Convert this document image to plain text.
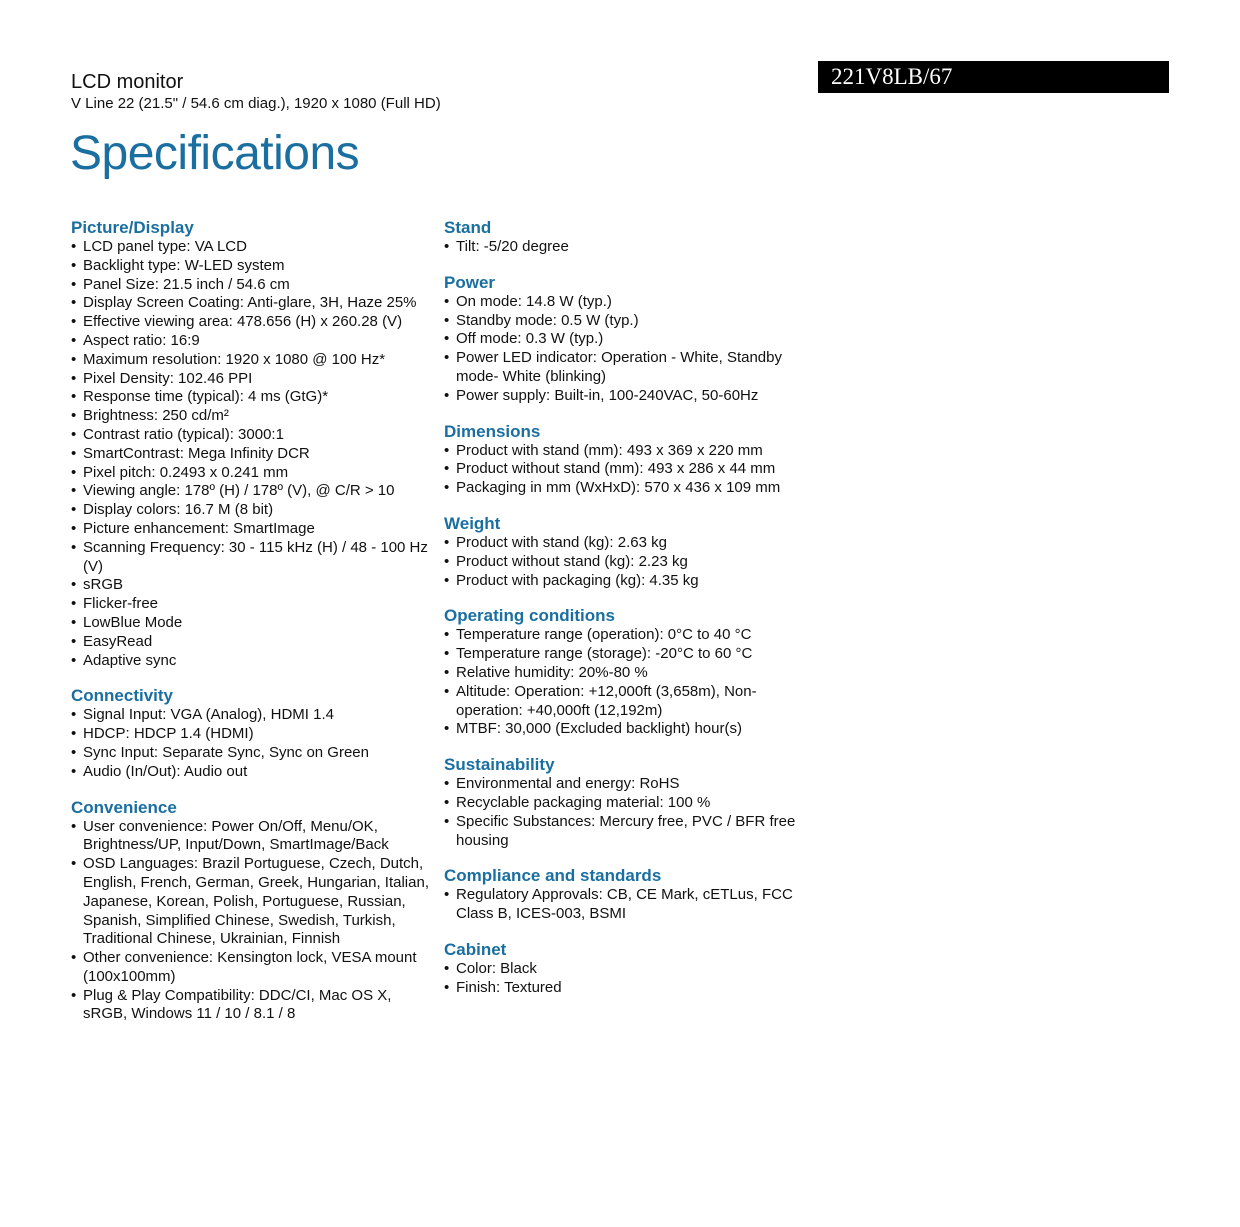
LCD monitor

V Line 22 (21.5" / 54.6 cm diag.), 1920 x 1080 (Full HD)

Specifications
221V8LB/67
Picture/Display
• LCD panel type: VA LCD
• Backlight type: W-LED system
• Panel Size: 21.5 inch / 54.6 cm
• Display Screen Coating: Anti-glare, 3H, Haze 25%
• Effective viewing area: 478.656 (H) x 260.28 (V)
• Aspect ratio: 16:9
• Maximum resolution: 1920 x 1080 @ 100 Hz*
• Pixel Density: 102.46 PPI
• Response time (typical): 4 ms (GtG)*
• Brightness: 250 cd/m²
• Contrast ratio (typical): 3000:1
• SmartContrast: Mega Infinity DCR
• Pixel pitch: 0.2493 x 0.241 mm
• Viewing angle: 178º (H) / 178º (V), @ C/R > 10
• Display colors: 16.7 M (8 bit)
• Picture enhancement: SmartImage
• Scanning Frequency: 30 - 115 kHz (H) / 48 - 100 Hz (V)
• sRGB
• Flicker-free
• LowBlue Mode
• EasyRead
• Adaptive sync
Connectivity
• Signal Input: VGA (Analog), HDMI 1.4
• HDCP: HDCP 1.4 (HDMI)
• Sync Input: Separate Sync, Sync on Green
• Audio (In/Out): Audio out
Convenience
• User convenience: Power On/Off, Menu/OK, Brightness/UP, Input/Down, SmartImage/Back
• OSD Languages: Brazil Portuguese, Czech, Dutch, English, French, German, Greek, Hungarian, Italian, Japanese, Korean, Polish, Portuguese, Russian, Spanish, Simplified Chinese, Swedish, Turkish, Traditional Chinese, Ukrainian, Finnish
• Other convenience: Kensington lock, VESA mount (100x100mm)
• Plug & Play Compatibility: DDC/CI, Mac OS X, sRGB, Windows 11 / 10 / 8.1 / 8
Stand
• Tilt: -5/20 degree
Power
• On mode: 14.8 W (typ.)
• Standby mode: 0.5 W (typ.)
• Off mode: 0.3 W (typ.)
• Power LED indicator: Operation - White, Standby mode- White (blinking)
• Power supply: Built-in, 100-240VAC, 50-60Hz
Dimensions
• Product with stand (mm): 493 x 369 x 220 mm
• Product without stand (mm): 493 x 286 x 44 mm
• Packaging in mm (WxHxD): 570 x 436 x 109 mm
Weight
• Product with stand (kg): 2.63 kg
• Product without stand (kg): 2.23 kg
• Product with packaging (kg): 4.35 kg
Operating conditions
• Temperature range (operation): 0°C to 40 °C
• Temperature range (storage): -20°C to 60 °C
• Relative humidity: 20%-80 %
• Altitude: Operation: +12,000ft (3,658m), Non-operation: +40,000ft (12,192m)
• MTBF: 30,000 (Excluded backlight) hour(s)
Sustainability
• Environmental and energy: RoHS
• Recyclable packaging material: 100 %
• Specific Substances: Mercury free, PVC / BFR free housing
Compliance and standards
• Regulatory Approvals: CB, CE Mark, cETLus, FCC Class B, ICES-003, BSMI
Cabinet
• Color: Black
• Finish: Textured
